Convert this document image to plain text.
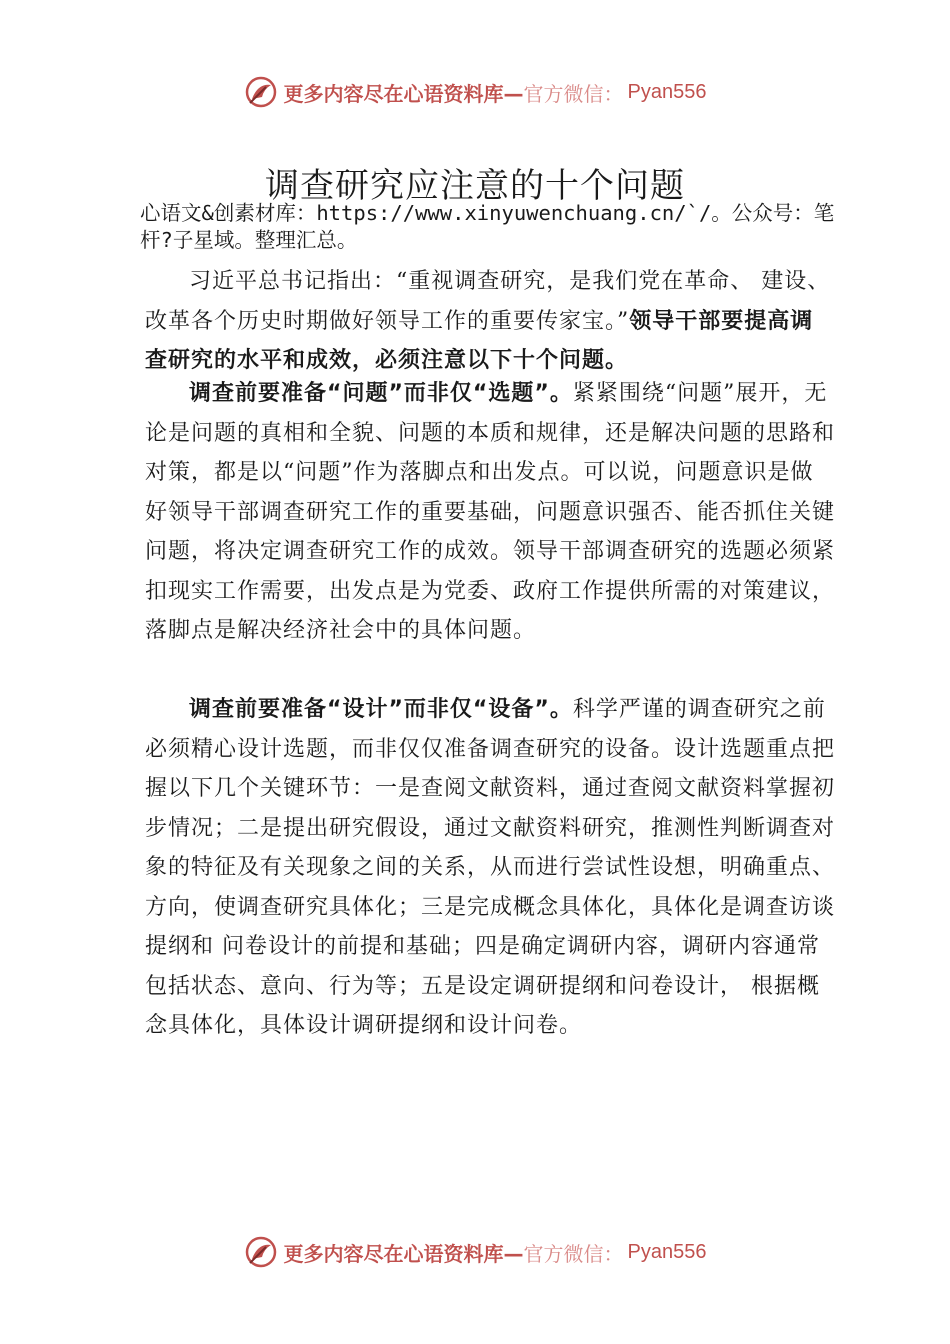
更多内容尽在心语资料库— 官方微信： Pyan556
调查研究应注意的十个问题
心语文&创素材库：https://www.xinyuwenchuang.cn/`/。公众号：笔杆?子星域。整理汇总。
习近平总书记指出：“重视调查研究，是我们党在革命、 建设、改革各个历史时期做好领导工作的重要传家宝。”领导干部要提高调查研究的水平和成效，必须注意以下十个问题。
调查前要准备“问题”而非仅“选题”。紧紧围绕“问题”展开，无论是问题的真相和全貌、问题的本质和规律，还是解决问题的思路和对策，都是以“问题”作为落脚点和出发点。可以说，问题意识是做好领导干部调查研究工作的重要基础，问题意识强否、能否抓住关键问题，将决定调查研究工作的成效。领导干部调查研究的选题必须紧扣现实工作需要，出发点是为党委、政府工作提供所需的对策建议，落脚点是解决经济社会中的具体问题。
调查前要准备“设计”而非仅“设备”。科学严谨的调查研究之前必须精心设计选题，而非仅仅准备调查研究的设备。设计选题重点把握以下几个关键环节：一是查阅文献资料，通过查阅文献资料掌握初步情况；二是提出研究假设，通过文献资料研究，推测性判断调查对象的特征及有关现象之间的关系，从而进行尝试性设想，明确重点、方向，使调查研究具体化；三是完成概念具体化，具体化是调查访谈提纲和 问卷设计的前提和基础；四是确定调研内容，调研内容通常包括状态、意向、行为等；五是设定调研提纲和问卷设计， 根据概念具体化，具体设计调研提纲和设计问卷。
更多内容尽在心语资料库— 官方微信： Pyan556
